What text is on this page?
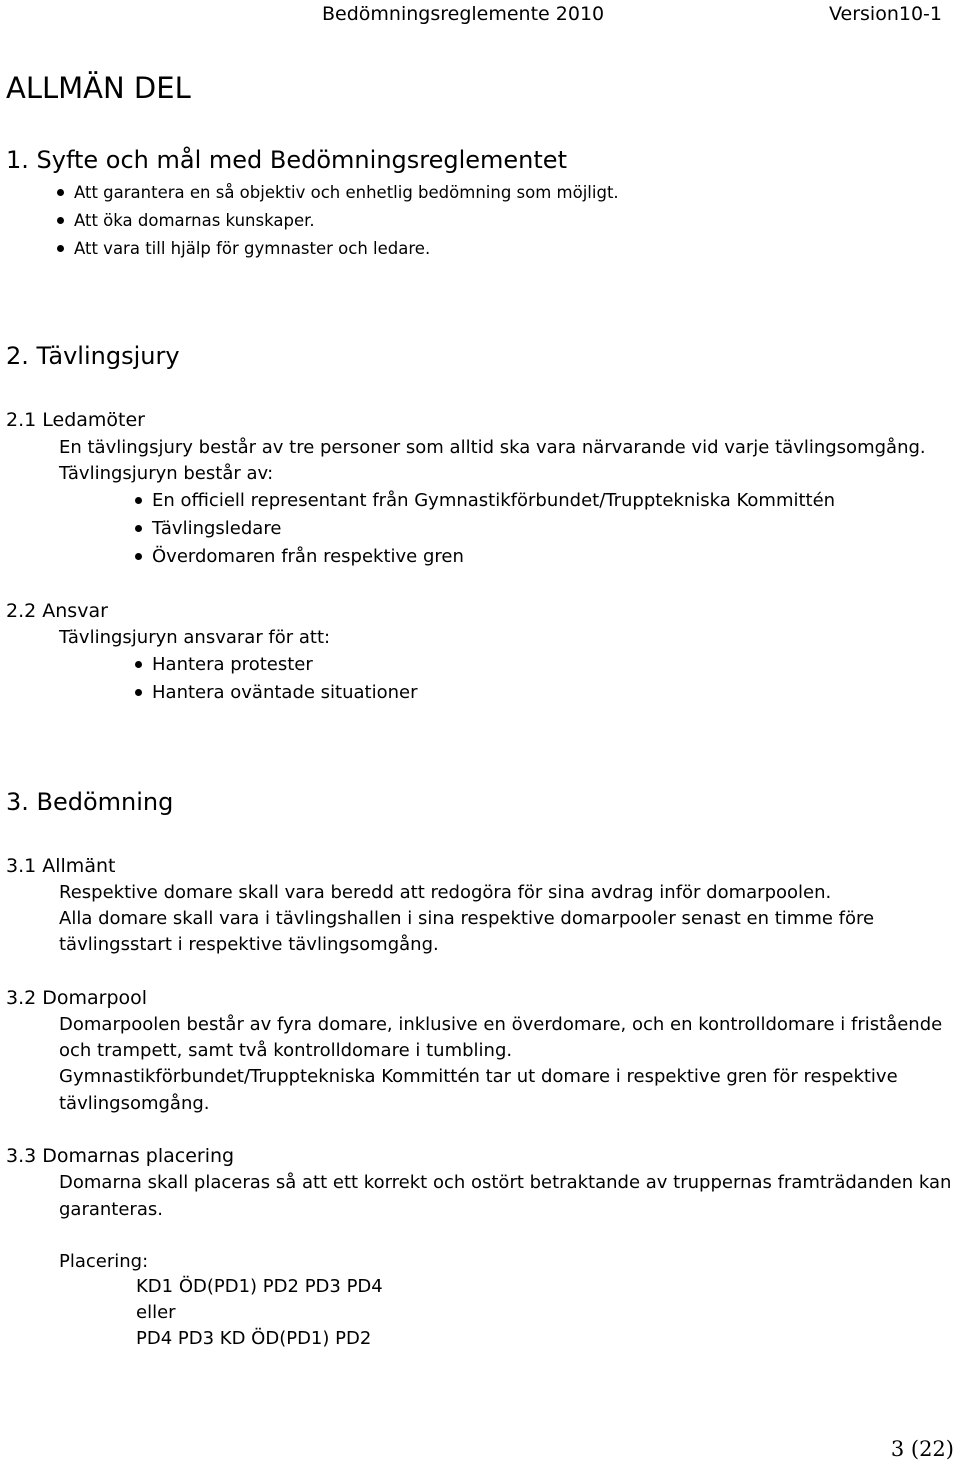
Bedömningsreglemente 2010	Version10-1
ALLMÄN DEL
1. Syfte och mål med Bedömningsreglementet
Att garantera en så objektiv och enhetlig bedömning som möjligt.
Att öka domarnas kunskaper.
Att vara till hjälp för gymnaster och ledare.
2. Tävlingsjury
2.1 Ledamöter
En tävlingsjury består av tre personer som alltid ska vara närvarande vid varje tävlingsomgång.
Tävlingsjuryn består av:
En officiell representant från Gymnastikförbundet/Trupptekniska Kommittén
Tävlingsledare
Överdomaren från respektive gren
2.2 Ansvar
Tävlingsjuryn ansvarar för att:
Hantera protester
Hantera oväntade situationer
3. Bedömning
3.1 Allmänt
Respektive domare skall vara beredd att redogöra för sina avdrag inför domarpoolen.
Alla domare skall vara i tävlingshallen i sina respektive domarpooler senast en timme före
tävlingsstart i respektive tävlingsomgång.
3.2 Domarpool
Domarpoolen består av fyra domare, inklusive en överdomare, och en kontrolldomare i fristående
och trampett, samt två kontrolldomare i tumbling.
Gymnastikförbundet/Trupptekniska Kommittén tar ut domare i respektive gren för respektive
tävlingsomgång.
3.3 Domarnas placering
Domarna skall placeras så att ett korrekt och ostört betraktande av truppernas framträdanden kan
garanteras.
Placering:
KD1 ÖD(PD1) PD2 PD3 PD4
eller
PD4 PD3 KD ÖD(PD1) PD2
3 (22)
